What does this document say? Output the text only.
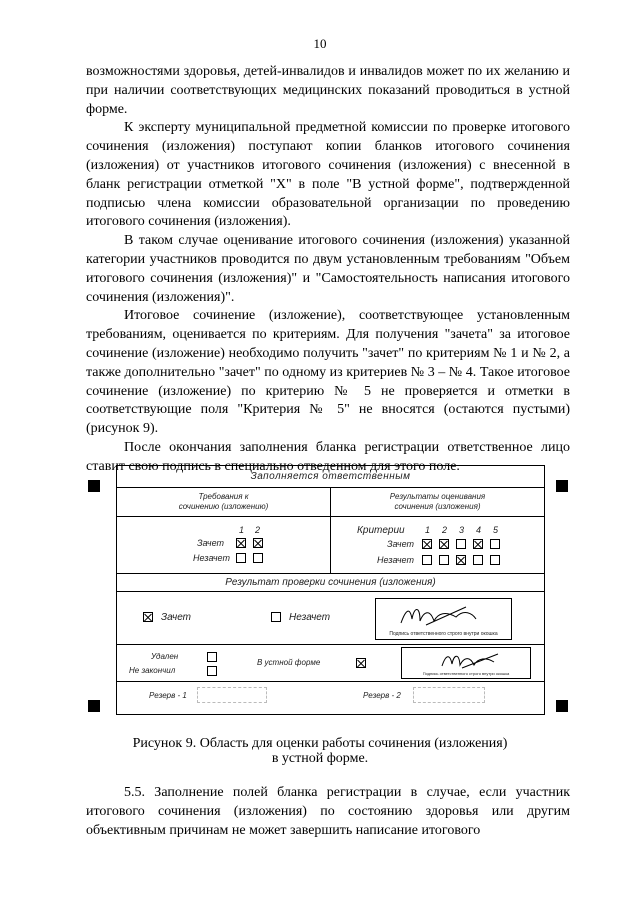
10

возможностями здоровья, детей-инвалидов и инвалидов может по их желанию и при наличии соответствующих медицинских показаний проводиться в устной форме.

К эксперту муниципальной предметной комиссии по проверке итогового сочинения (изложения) поступают копии бланков итогового сочинения (изложения) от участников итогового сочинения (изложения) с внесенной в бланк регистрации отметкой "X" в поле "В устной форме", подтвержденной подписью члена комиссии образовательной организации по проведению итогового сочинения (изложения).

В таком случае оценивание итогового сочинения (изложения) указанной категории участников проводится по двум установленным требованиям "Объем итогового сочинения (изложения)" и "Самостоятельность написания итогового сочинения (изложения)".

Итоговое сочинение (изложение), соответствующее установленным требованиям, оценивается по критериям. Для получения "зачета" за итоговое сочинение (изложение) необходимо получить "зачет" по критериям № 1 и № 2, а также дополнительно "зачет" по одному из критериев № 3 – № 4. Такое итоговое сочинение (изложение) по критерию № 5 не проверяется и отметки в соответствующие поля "Критерия № 5" не вносятся (остаются пустыми) (рисунок 9).

После окончания заполнения бланка регистрации ответственное лицо ставит свою подпись в специально отведенном для этого поле.

Заполняется ответственным
Требования к
сочинению (изложению)
Результаты оценивания
сочинения (изложения)
1 2
Зачет
Незачет
Критерии 1 2 3 4 5
Зачет
Незачет
Результат проверки сочинения (изложения)
Зачет	Незачет
Подпись ответственного строго внутри окошка
Удален
Не закончил
В устной форме
Подпись ответственного строго внутри окошка
Резерв - 1	Резерв - 2
Рисунок 9. Область для оценки работы сочинения (изложения)
в устной форме.

5.5. Заполнение полей бланка регистрации в случае, если участник итогового сочинения (изложения) по состоянию здоровья или другим объективным причинам не может завершить написание итогового
